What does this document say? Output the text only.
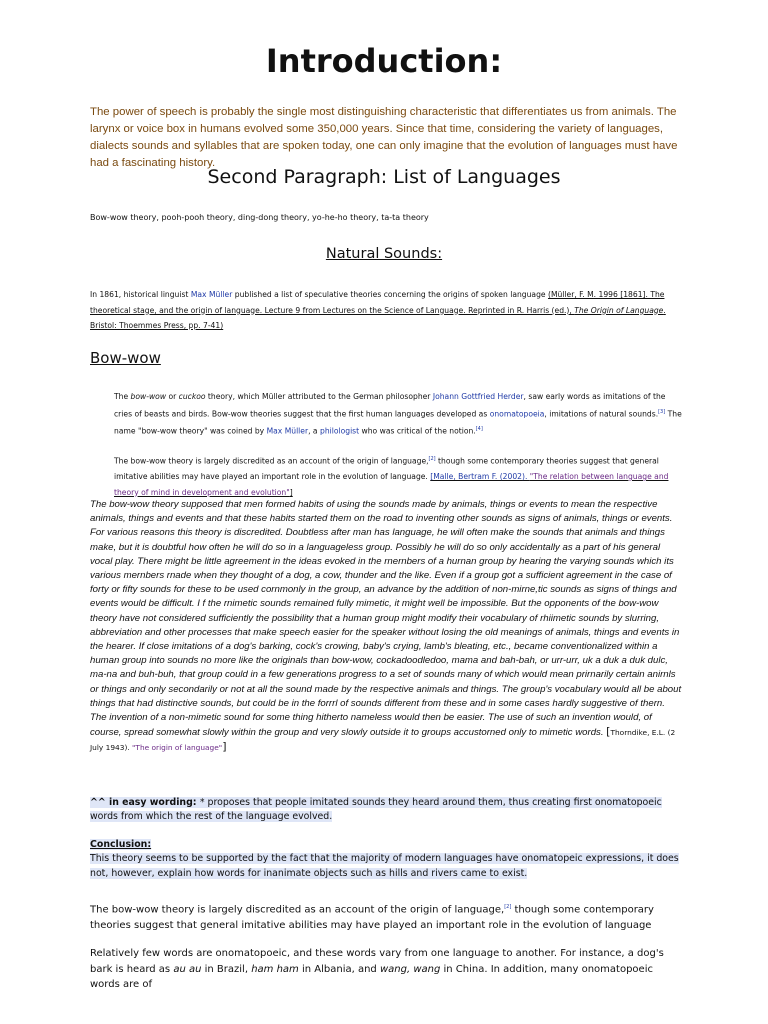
Introduction:

The power of speech is probably the single most distinguishing characteristic that differentiates us from animals. The larynx or voice box in humans evolved some 350,000 years. Since that time, considering the variety of languages, dialects sounds and syllables that are spoken today, one can only imagine that the evolution of languages must have had a fascinating history.

Second Paragraph: List of Languages

Bow-wow theory, pooh-pooh theory, ding-dong theory, yo-he-ho theory, ta-ta theory

Natural Sounds:

In 1861, historical linguist Max Müller published a list of speculative theories concerning the origins of spoken language (Müller, F. M. 1996 [1861]. The theoretical stage, and the origin of language. Lecture 9 from Lectures on the Science of Language. Reprinted in R. Harris (ed.), The Origin of Language. Bristol: Thoemmes Press, pp. 7-41)

Bow-wow

The bow-wow or cuckoo theory, which Müller attributed to the German philosopher Johann Gottfried Herder, saw early words as imitations of the cries of beasts and birds. Bow-wow theories suggest that the first human languages developed as onomatopoeia, imitations of natural sounds.[3] The name "bow-wow theory" was coined by Max Müller, a philologist who was critical of the notion.[4]

The bow-wow theory is largely discredited as an account of the origin of language,[2] though some contemporary theories suggest that general imitative abilities may have played an important role in the evolution of language. [Malle, Bertram F. (2002). "The relation between language and theory of mind in development and evolution"]

The bow-wow theory supposed that men formed habits of using the sounds made by animals, things or events to mean the respective animals, things and events and that these habits started them on the road to inventing other sounds as signs of animals, things or events. For various reasons this theory is discredited. Doubtless after man has language, he will often make the sounds that animals and things make, but it is doubtful how often he will do so in a languageless group. Possibly he will do so only accidentally as a part of his general vocal play. There might be little agreement in the ideas evoked in the rnernbers of a hurnan group by hearing the varying sounds which its various mernbers rnade when they thought of a dog, a cow, thunder and the like. Even if a group got a sufficient agreement in the case of forty or fifty sounds for these to be used cornmonly in the group, an advance by the addition of non-mirne,tic sounds as signs of things and events would be difficult. I f the rnimetic sounds remained fully mimetic, it might well be impossible. But the opponents of the bow-wow theory have not considered sufficiently the possibility that a human group might modify their vocabulary of rhiimetic sounds by slurring, abbreviation and other processes that make speech easier for the speaker without losing the old meanings of animals, things and events in the hearer. If close imitations of a dog's barking, cock's crowing, baby's crying, lamb's bleating, etc., became conventionalized within a human group into sounds no more like the originals than bow-wow, cockadoodledoo, mama and bah-bah, or urr-urr, uk a duk a duk dulc, ma-na and buh-buh, that group could in a few generations progress to a set of sounds rnany of which would mean prirnarily certain anirnls or things and only secondarily or not at all the sound made by the respective animals and things. The group's vocabulary would all be about things that had distinctive sounds, but could be in the forrrl of sounds different from these and in some cases hardly suggestive of thern. The invention of a non-mimetic sound for some thing hitherto nameless would then be easier. The use of such an invention would, of course, spread somewhat slowly within the group and very slowly outside it to groups accustorned only to mimetic words. [Thorndike, E.L. (2 July 1943). "The origin of language"]

^^ in easy wording: * proposes that people imitated sounds they heard around them, thus creating first onomatopoeic words from which the rest of the language evolved.

Conclusion:
This theory seems to be supported by the fact that the majority of modern languages have onomatopeic expressions, it does not, however, explain how words for inanimate objects such as hills and rivers came to exist.

The bow-wow theory is largely discredited as an account of the origin of language,[2] though some contemporary theories suggest that general imitative abilities may have played an important role in the evolution of language

Relatively few words are onomatopoeic, and these words vary from one language to another. For instance, a dog's bark is heard as au au in Brazil, ham ham in Albania, and wang, wang in China. In addition, many onomatopoeic words are of
